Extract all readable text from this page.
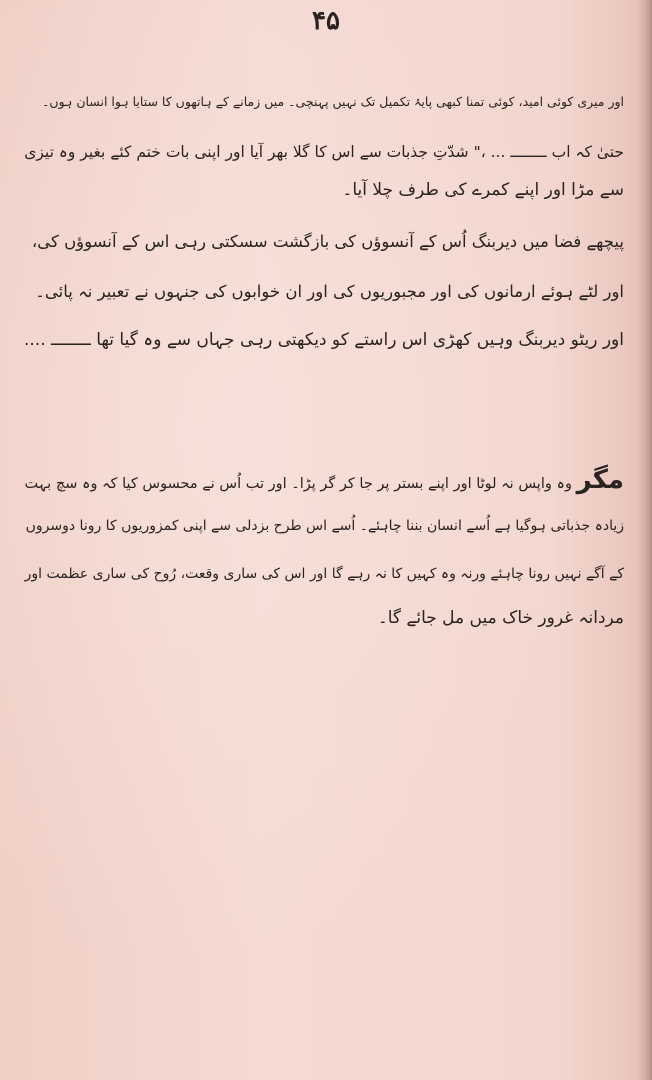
۴۵

اور میری کوئی امید، کوئی تمنا کبھی پایۂ تکمیل تک نہیں پہنچی۔ میں زمانے کے ہاتھوں کا ستایا ہوا انسان ہوں۔

حتیٰ کہ اب ــــــــ ... ،" شدّتِ جذبات سے اس کا گلا بھر آیا اور اپنی بات ختم کئے بغیر وہ تیزی

سے مڑا اور اپنے کمرے کی طرف چلا آیا۔

پیچھے فضا میں دیربنگ اُس کے آنسوؤں کی بازگشت سسکتی رہی اس کے آنسوؤں کی،

اور لٹے ہوئے ارمانوں کی اور مجبوریوں کی اور ان خوابوں کی جنہوں نے تعبیر نہ پائی۔

اور ریٹو دیربنگ وہیں کھڑی اس راستے کو دیکھتی رہی جہاں سے وہ گیا تھا ــــــــ ....

مگر وہ واپس نہ لوٹا اور اپنے بستر پر جا کر گر پڑا۔ اور تب اُس نے محسوس کیا کہ وہ سچ بہت

زیادہ جذباتی ہوگیا ہے اُسے انسان بننا چاہئے۔ اُسے اس طرح بزدلی سے اپنی کمزوریوں کا رونا دوسروں

کے آگے نہیں رونا چاہئے ورنہ وہ کہیں کا نہ رہے گا اور اس کی ساری وقعت، رُوح کی ساری عظمت اور

مردانہ غرور خاک میں مل جائے گا۔
